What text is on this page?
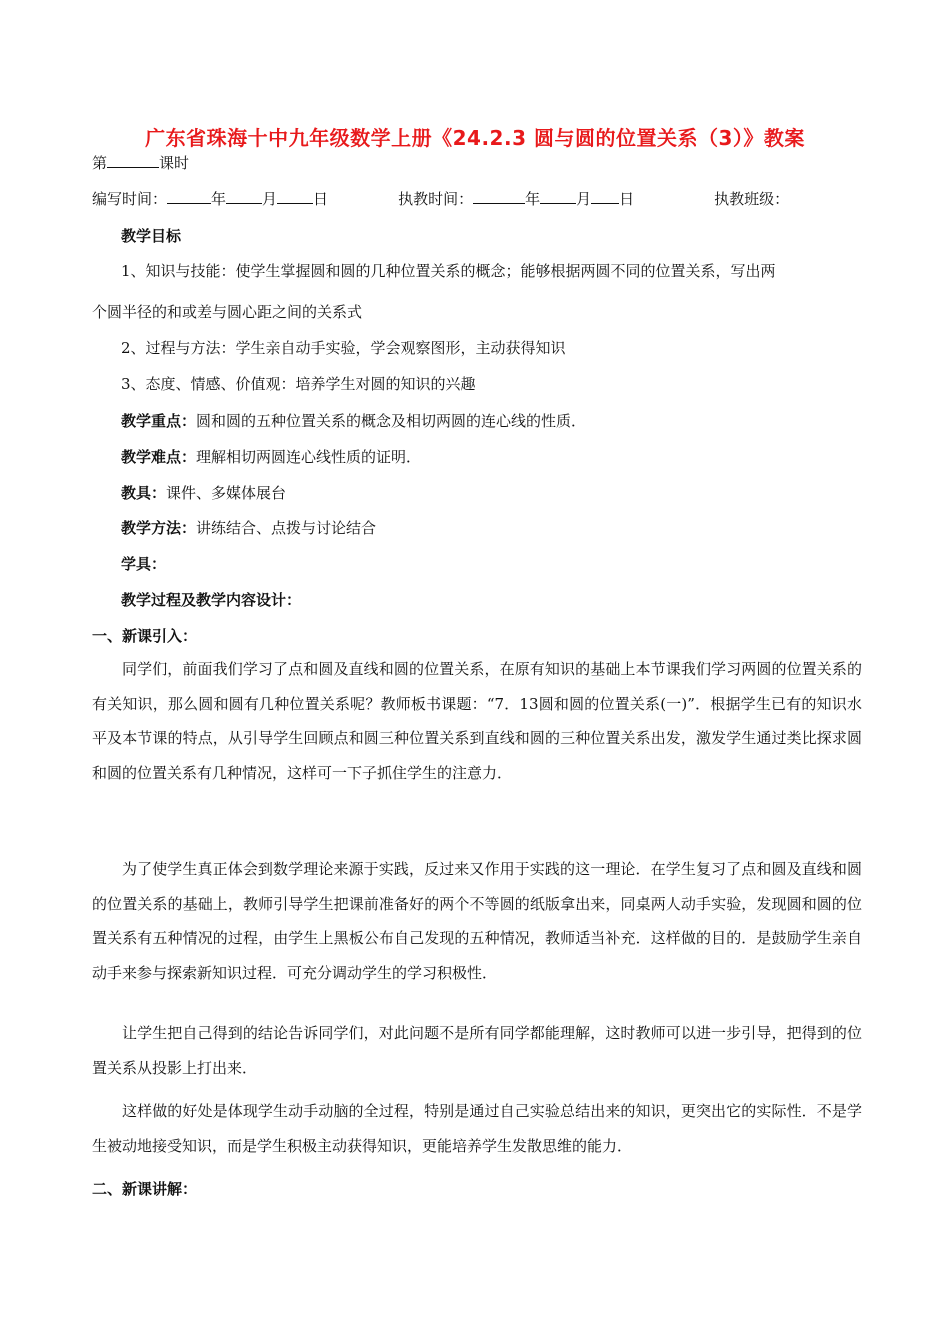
广东省珠海十中九年级数学上册《24.2.3 圆与圆的位置关系（3）》教案
第	课时
编写时间：	年 月 日	执教时间：	年 月 日	执教班级：
教学目标
1、知识与技能：使学生掌握圆和圆的几种位置关系的概念；能够根据两圆不同的位置关系，写出两
个圆半径的和或差与圆心距之间的关系式
2、过程与方法：学生亲自动手实验，学会观察图形，主动获得知识
3、态度、情感、价值观：培养学生对圆的知识的兴趣
教学重点：圆和圆的五种位置关系的概念及相切两圆的连心线的性质．
教学难点：理解相切两圆连心线性质的证明．
教具：课件、多媒体展台
教学方法：讲练结合、点拨与讨论结合
学具：
教学过程及教学内容设计：
一、新课引入：
同学们，前面我们学习了点和圆及直线和圆的位置关系，在原有知识的基础上本节课我们学习两圆的位置关系的有关知识，那么圆和圆有几种位置关系呢？教师板书课题：“7．13圆和圆的位置关系(一)”．根据学生已有的知识水平及本节课的特点，从引导学生回顾点和圆三种位置关系到直线和圆的三种位置关系出发，激发学生通过类比探求圆和圆的位置关系有几种情况，这样可一下子抓住学生的注意力．
为了使学生真正体会到数学理论来源于实践，反过来又作用于实践的这一理论．在学生复习了点和圆及直线和圆的位置关系的基础上，教师引导学生把课前准备好的两个不等圆的纸版拿出来，同桌两人动手实验，发现圆和圆的位置关系有五种情况的过程，由学生上黑板公布自己发现的五种情况，教师适当补充．这样做的目的．是鼓励学生亲自动手来参与探索新知识过程．可充分调动学生的学习积极性．
让学生把自己得到的结论告诉同学们，对此问题不是所有同学都能理解，这时教师可以进一步引导，把得到的位置关系从投影上打出来．
这样做的好处是体现学生动手动脑的全过程，特别是通过自己实验总结出来的知识，更突出它的实际性．不是学生被动地接受知识，而是学生积极主动获得知识，更能培养学生发散思维的能力．
二、新课讲解：
